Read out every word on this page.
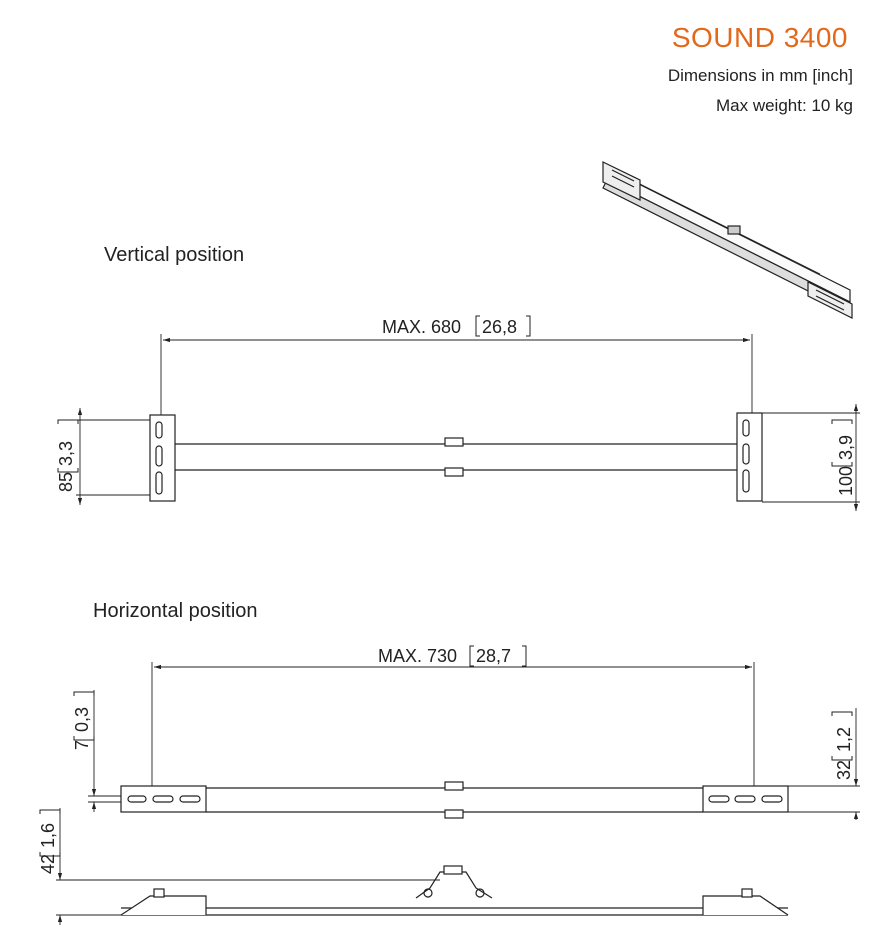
SOUND 3400
Dimensions in mm [inch]
Max weight: 10 kg
Vertical position
Horizontal position
MAX. 680 26,8
85
3,3
100
3,9
MAX. 730 28,7
7
0,3
32
1,2
42
1,6
